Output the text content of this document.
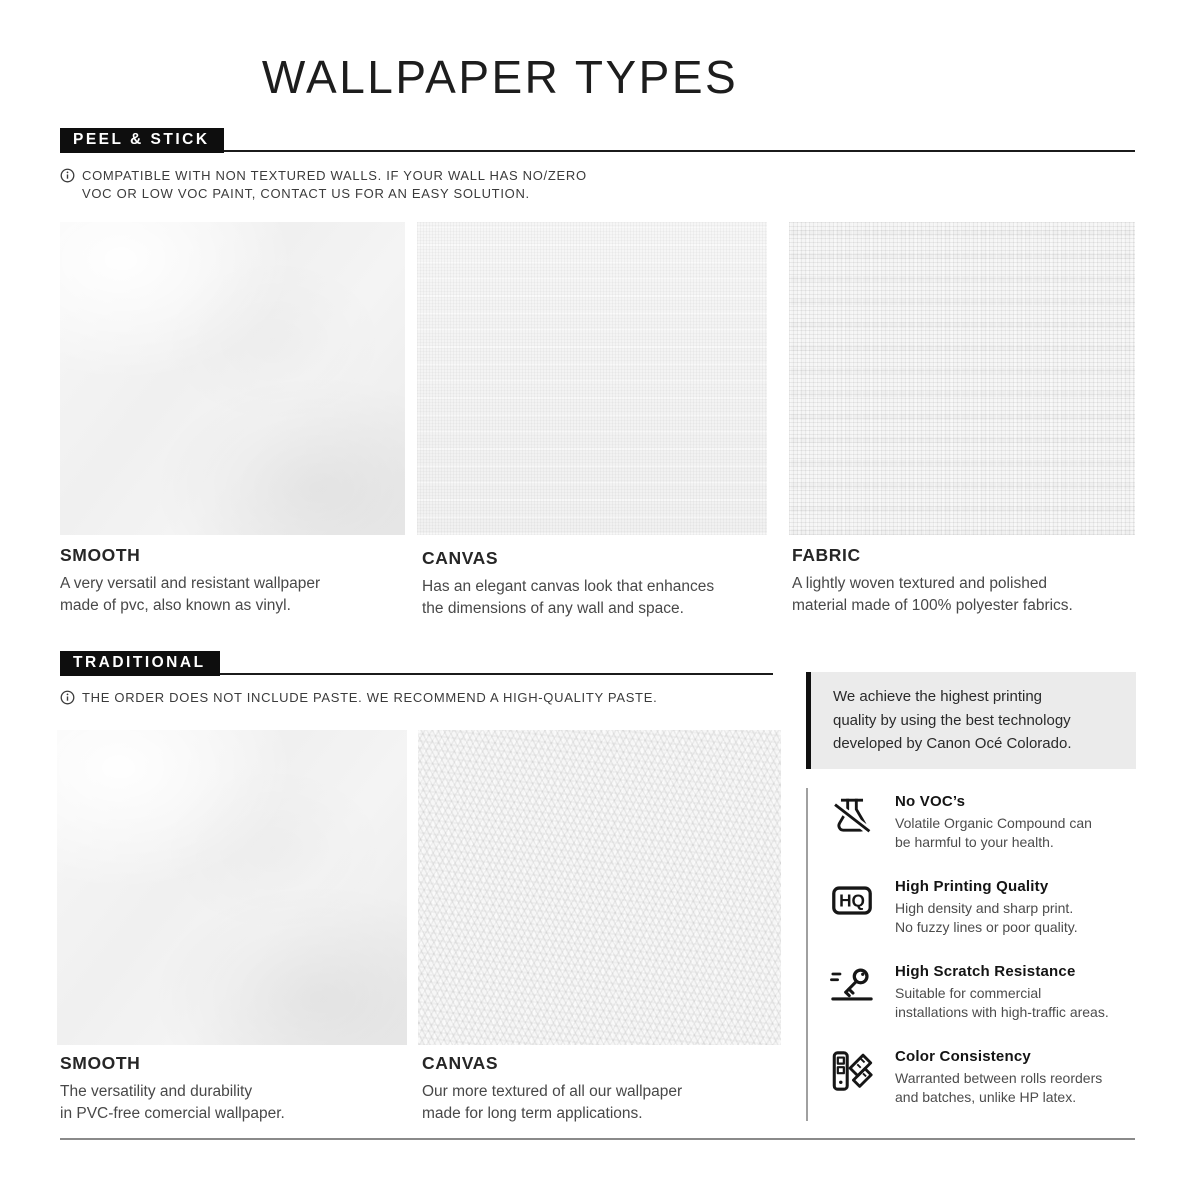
WALLPAPER TYPES
PEEL & STICK
COMPATIBLE WITH NON TEXTURED WALLS. IF YOUR WALL HAS NO/ZERO
VOC OR LOW VOC PAINT, CONTACT US FOR AN EASY SOLUTION.
SMOOTH
A very versatil and resistant wallpaper
made of pvc, also known as vinyl.
CANVAS
Has an elegant canvas look that enhances
the dimensions of any wall and space.
FABRIC
A lightly woven textured and polished
material made of 100% polyester fabrics.
TRADITIONAL
THE ORDER DOES NOT INCLUDE PASTE. WE RECOMMEND A HIGH-QUALITY PASTE.
SMOOTH
The versatility and durability
in PVC-free comercial wallpaper.
CANVAS
Our more textured of all our wallpaper
made for long term applications.
We achieve the highest printing
quality by using the best technology
developed by Canon Océ Colorado.
No VOC’s
Volatile Organic Compound can
be harmful to your health.
HQ
High Printing Quality
High density and sharp print.
No fuzzy lines or poor quality.
High Scratch Resistance
Suitable for commercial
installations with high-traffic areas.
Color Consistency
Warranted between rolls reorders
and batches, unlike HP latex.
